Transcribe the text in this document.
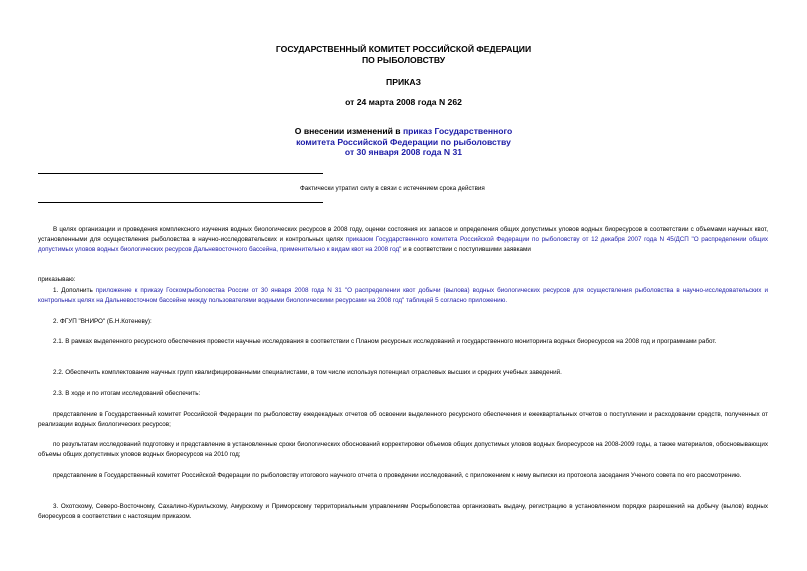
ГОСУДАРСТВЕННЫЙ КОМИТЕТ РОССИЙСКОЙ ФЕДЕРАЦИИ
ПО РЫБОЛОВСТВУ
ПРИКАЗ
от 24 марта 2008 года N 262
О внесении изменений в приказ Государственного
комитета Российской Федерации по рыболовству
от 30 января 2008 года N 31
Фактически утратил силу в связи с истечением срока действия
В целях организации и проведения комплексного изучения водных биологических ресурсов в 2008 году, оценки состояния их запасов и определения общих допустимых уловов водных биоресурсов в соответствии с объемами научных квот, установленными для осуществления рыболовства в научно-исследовательских и контрольных целях приказом Государственного комитета Российской Федерации по рыболовству от 12 декабря 2007 года N 45/ДСП "О распределении общих допустимых уловов водных биологических ресурсов Дальневосточного бассейна, применительно к видам квот на 2008 год" и в соответствии с поступившими заявками
приказываю:
1. Дополнить приложение к приказу Госкомрыболовства России от 30 января 2008 года N 31 "О распределении квот добычи (вылова) водных биологических ресурсов для осуществления рыболовства в научно-исследовательских и контрольных целях на Дальневосточном бассейне между пользователями водными биологическими ресурсами на 2008 год" таблицей 5 согласно приложению.
2. ФГУП "ВНИРО" (Б.Н.Котеневу):
2.1. В рамках выделенного ресурсного обеспечения провести научные исследования в соответствии с Планом ресурсных исследований и государственного мониторинга водных биоресурсов на 2008 год и программами работ.
2.2. Обеспечить комплектование научных групп квалифицированными специалистами, в том числе используя потенциал отраслевых высших и средних учебных заведений.
2.3. В ходе и по итогам исследований обеспечить:
представление в Государственный комитет Российской Федерации по рыболовству ежедекадных отчетов об освоении выделенного ресурсного обеспечения и ежеквартальных отчетов о поступлении и расходовании средств, полученных от реализации водных биологических ресурсов;
по результатам исследований подготовку и представление в установленные сроки биологических обоснований корректировки объемов общих допустимых уловов водных биоресурсов на 2008-2009 годы, а также материалов, обосновывающих объемы общих допустимых уловов водных биоресурсов на 2010 год;
представление в Государственный комитет Российской Федерации по рыболовству итогового научного отчета о проведении исследований, с приложением к нему выписки из протокола заседания Ученого совета по его рассмотрению.
3. Охотскому, Северо-Восточному, Сахалино-Курильскому, Амурскому и Приморскому территориальным управлениям Росрыболовства организовать выдачу, регистрацию в установленном порядке разрешений на добычу (вылов) водных биоресурсов в соответствии с настоящим приказом.
